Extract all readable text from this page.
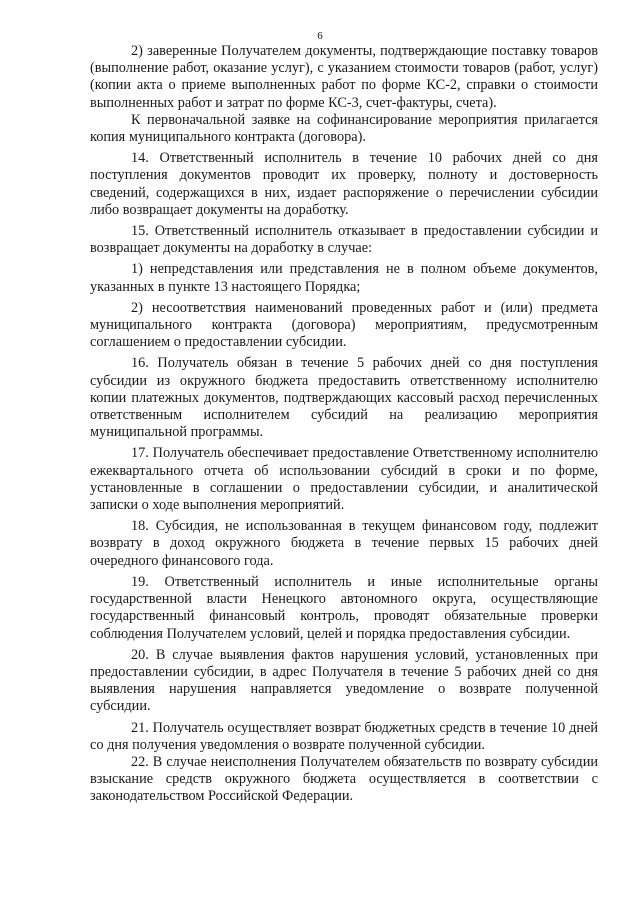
6

2) заверенные Получателем документы, подтверждающие поставку товаров (выполнение работ, оказание услуг), с указанием стоимости товаров (работ, услуг) (копии акта о приеме выполненных работ по форме КС-2, справки о стоимости выполненных работ и затрат по форме КС-3, счет-фактуры, счета).

К первоначальной заявке на софинансирование мероприятия прилагается копия муниципального контракта (договора).

14. Ответственный исполнитель в течение 10 рабочих дней со дня поступления документов проводит их проверку, полноту и достоверность сведений, содержащихся в них, издает распоряжение о перечислении субсидии либо возвращает документы на доработку.

15. Ответственный исполнитель отказывает в предоставлении субсидии и возвращает документы на доработку в случае:

1) непредставления или представления не в полном объеме документов, указанных в пункте 13 настоящего Порядка;

2) несоответствия наименований проведенных работ и (или) предмета муниципального контракта (договора) мероприятиям, предусмотренным соглашением о предоставлении субсидии.

16. Получатель обязан в течение 5 рабочих дней со дня поступления субсидии из окружного бюджета предоставить ответственному исполнителю копии платежных документов, подтверждающих кассовый расход перечисленных ответственным исполнителем субсидий на реализацию мероприятия муниципальной программы.

17. Получатель обеспечивает предоставление Ответственному исполнителю ежеквартального отчета об использовании субсидий в сроки и по форме, установленные в соглашении о предоставлении субсидии, и аналитической записки о ходе выполнения мероприятий.

18. Субсидия, не использованная в текущем финансовом году, подлежит возврату в доход окружного бюджета в течение первых 15 рабочих дней очередного финансового года.

19. Ответственный исполнитель и иные исполнительные органы государственной власти Ненецкого автономного округа, осуществляющие государственный финансовый контроль, проводят обязательные проверки соблюдения Получателем условий, целей и порядка предоставления субсидии.

20. В случае выявления фактов нарушения условий, установленных при предоставлении субсидии, в адрес Получателя в течение 5 рабочих дней со дня выявления нарушения направляется уведомление о возврате полученной субсидии.

21. Получатель осуществляет возврат бюджетных средств в течение 10 дней со дня получения уведомления о возврате полученной субсидии.

22. В случае неисполнения Получателем обязательств по возврату субсидии взыскание средств окружного бюджета осуществляется в соответствии с законодательством Российской Федерации.
